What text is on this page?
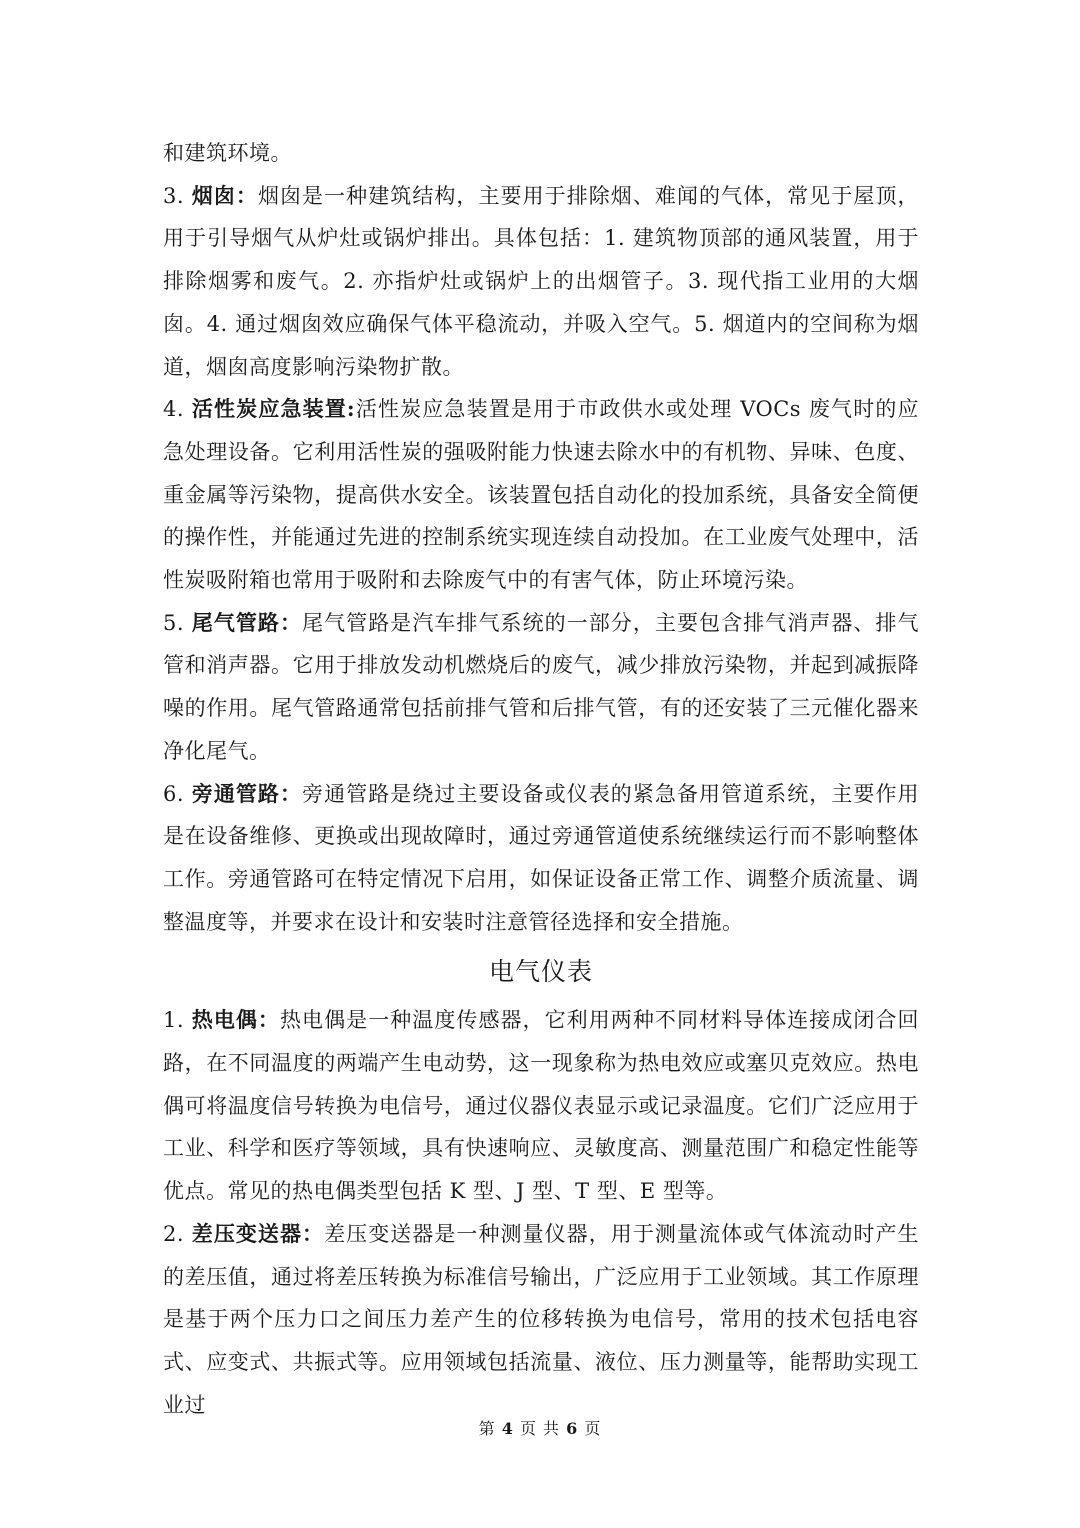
和建筑环境。

3. 烟囱：烟囱是一种建筑结构，主要用于排除烟、难闻的气体，常见于屋顶，用于引导烟气从炉灶或锅炉排出。具体包括：1. 建筑物顶部的通风装置，用于排除烟雾和废气。2. 亦指炉灶或锅炉上的出烟管子。3. 现代指工业用的大烟囱。4. 通过烟囱效应确保气体平稳流动，并吸入空气。5. 烟道内的空间称为烟道，烟囱高度影响污染物扩散。

4. 活性炭应急装置:活性炭应急装置是用于市政供水或处理 VOCs 废气时的应急处理设备。它利用活性炭的强吸附能力快速去除水中的有机物、异味、色度、重金属等污染物，提高供水安全。该装置包括自动化的投加系统，具备安全简便的操作性，并能通过先进的控制系统实现连续自动投加。在工业废气处理中，活性炭吸附箱也常用于吸附和去除废气中的有害气体，防止环境污染。

5. 尾气管路：尾气管路是汽车排气系统的一部分，主要包含排气消声器、排气管和消声器。它用于排放发动机燃烧后的废气，减少排放污染物，并起到减振降噪的作用。尾气管路通常包括前排气管和后排气管，有的还安装了三元催化器来净化尾气。

6. 旁通管路：旁通管路是绕过主要设备或仪表的紧急备用管道系统，主要作用是在设备维修、更换或出现故障时，通过旁通管道使系统继续运行而不影响整体工作。旁通管路可在特定情况下启用，如保证设备正常工作、调整介质流量、调整温度等，并要求在设计和安装时注意管径选择和安全措施。

电气仪表

1. 热电偶：热电偶是一种温度传感器，它利用两种不同材料导体连接成闭合回路，在不同温度的两端产生电动势，这一现象称为热电效应或塞贝克效应。热电偶可将温度信号转换为电信号，通过仪器仪表显示或记录温度。它们广泛应用于工业、科学和医疗等领域，具有快速响应、灵敏度高、测量范围广和稳定性能等优点。常见的热电偶类型包括 K 型、J 型、T 型、E 型等。

2. 差压变送器：差压变送器是一种测量仪器，用于测量流体或气体流动时产生的差压值，通过将差压转换为标准信号输出，广泛应用于工业领域。其工作原理是基于两个压力口之间压力差产生的位移转换为电信号，常用的技术包括电容式、应变式、共振式等。应用领域包括流量、液位、压力测量等，能帮助实现工业过

第 4 页 共 6 页
